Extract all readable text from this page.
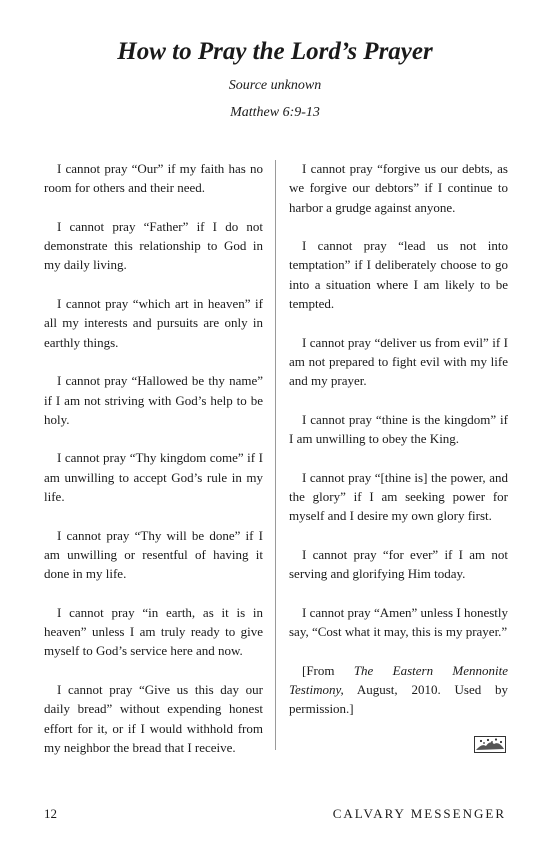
How to Pray the Lord’s Prayer
Source unknown
Matthew 6:9-13

I cannot pray “Our” if my faith has no room for others and their need.

I cannot pray “Father” if I do not demonstrate this relationship to God in my daily living.

I cannot pray “which art in heaven” if all my interests and pursuits are only in earthly things.

I cannot pray “Hallowed be thy name” if I am not striving with God’s help to be holy.

I cannot pray “Thy kingdom come” if I am unwilling to accept God’s rule in my life.

I cannot pray “Thy will be done” if I am unwilling or resentful of having it done in my life.

I cannot pray “in earth, as it is in heaven” unless I am truly ready to give myself to God’s service here and now.

I cannot pray “Give us this day our daily bread” without expending honest effort for it, or if I would withhold from my neighbor the bread that I receive.

I cannot pray “forgive us our debts, as we forgive our debtors” if I continue to harbor a grudge against anyone.

I cannot pray “lead us not into temptation” if I deliberately choose to go into a situation where I am likely to be tempted.

I cannot pray “deliver us from evil” if I am not prepared to fight evil with my life and my prayer.

I cannot pray “thine is the kingdom” if I am unwilling to obey the King.

I cannot pray “[thine is] the power, and the glory” if I am seeking power for myself and I desire my own glory first.

I cannot pray “for ever” if I am not serving and glorifying Him today.

I cannot pray “Amen” unless I honestly say, “Cost what it may, this is my prayer.”

[From The Eastern Mennonite Testimony, August, 2010. Used by permission.]

12	CALVARY MESSENGER
